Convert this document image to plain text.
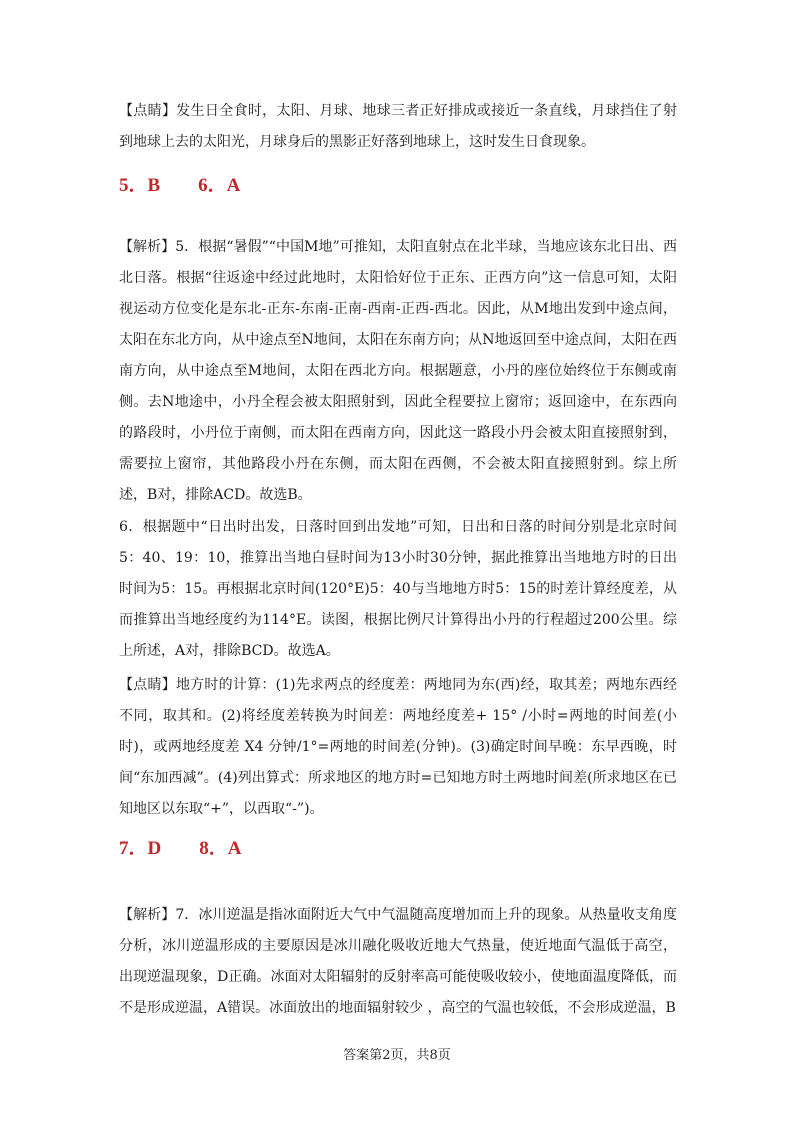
【点睛】发生日全食时，太阳、月球、地球三者正好排成或接近一条直线，月球挡住了射到地球上去的太阳光，月球身后的黑影正好落到地球上，这时发生日食现象。

5．B　　6．A

【解析】5．根据“暑假”“中国M地”可推知，太阳直射点在北半球，当地应该东北日出、西北日落。根据“往返途中经过此地时，太阳恰好位于正东、正西方向”这一信息可知，太阳视运动方位变化是东北-正东-东南-正南-西南-正西-西北。因此，从M地出发到中途点间，太阳在东北方向，从中途点至N地间，太阳在东南方向；从N地返回至中途点间，太阳在西南方向，从中途点至M地间，太阳在西北方向。根据题意，小丹的座位始终位于东侧或南侧。去N地途中，小丹全程会被太阳照射到，因此全程要拉上窗帘；返回途中，在东西向的路段时，小丹位于南侧，而太阳在西南方向，因此这一路段小丹会被太阳直接照射到，需要拉上窗帘，其他路段小丹在东侧，而太阳在西侧，不会被太阳直接照射到。综上所述，B对，排除ACD。故选B。

6．根据题中“日出时出发，日落时回到出发地”可知，日出和日落的时间分别是北京时间5：40、19：10，推算出当地白昼时间为13小时30分钟，据此推算出当地地方时的日出时间为5：15。再根据北京时间(120°E)5：40与当地地方时5：15的时差计算经度差，从而推算出当地经度约为114°E。读图，根据比例尺计算得出小丹的行程超过200公里。综上所述，A对，排除BCD。故选A。

【点睛】地方时的计算：(1)先求两点的经度差：两地同为东(西)经，取其差；两地东西经不同，取其和。(2)将经度差转换为时间差：两地经度差+ 15° /小时=两地的时间差(小时)，或两地经度差 X4 分钟/1°=两地的时间差(分钟)。(3)确定时间早晚：东早西晚，时间“东加西减”。(4)列出算式：所求地区的地方时=已知地方时土两地时间差(所求地区在已知地区以东取“+”，以西取“-”)。

7．D　　8．A

【解析】7．冰川逆温是指冰面附近大气中气温随高度增加而上升的现象。从热量收支角度分析，冰川逆温形成的主要原因是冰川融化吸收近地大气热量，使近地面气温低于高空，出现逆温现象，D正确。冰面对太阳辐射的反射率高可能使吸收较小，使地面温度降低，而不是形成逆温，A错误。冰面放出的地面辐射较少 ，高空的气温也较低，不会形成逆温，B

答案第2页，共8页
